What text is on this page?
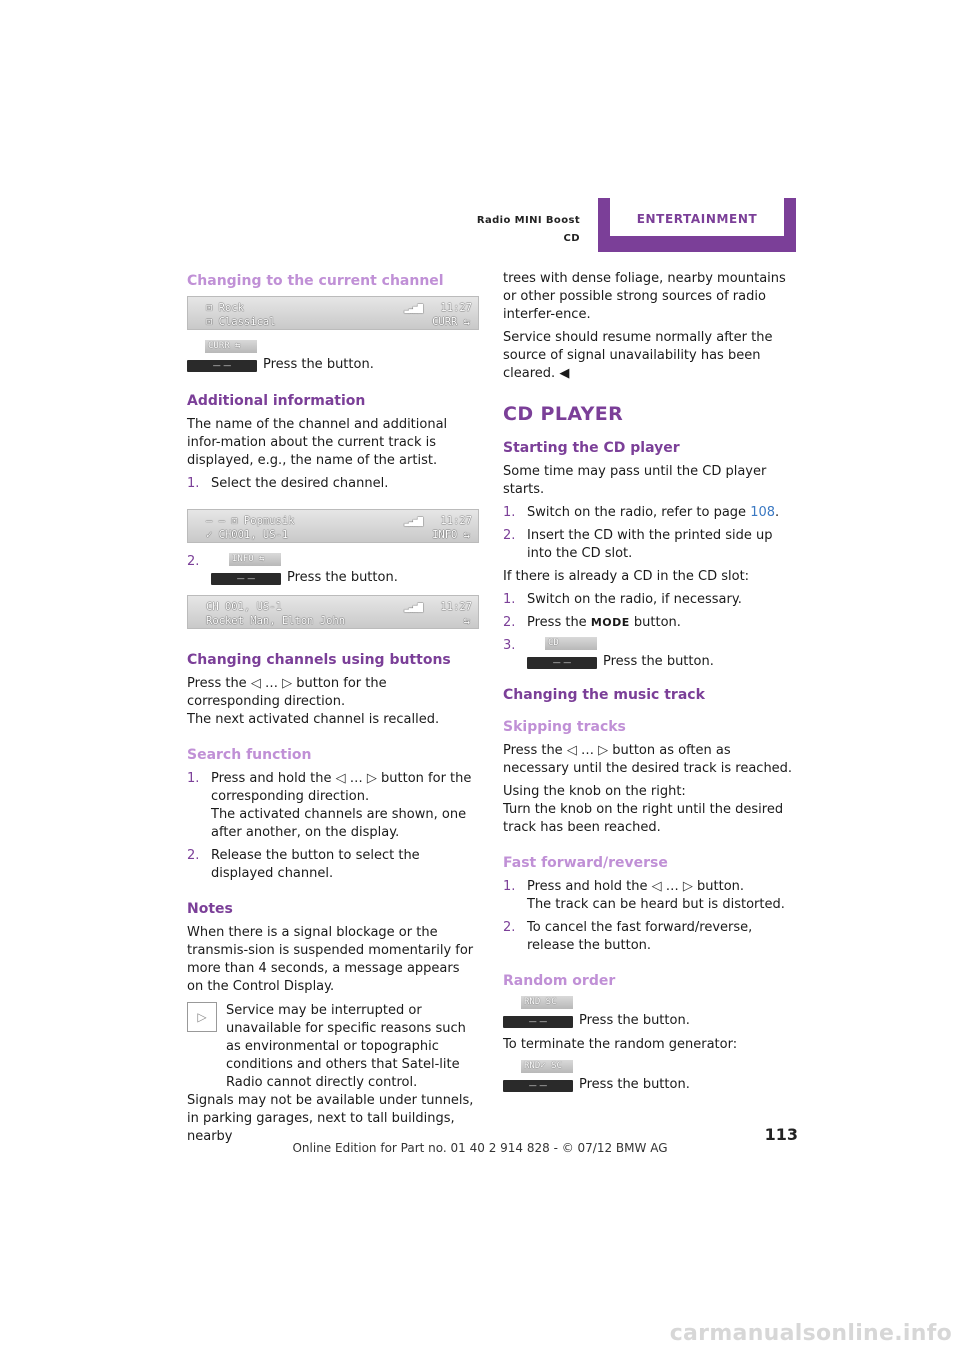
Radio MINI Boost CD
ENTERTAINMENT
Changing to the current channel
⊡ Rock
⊡ Classical
▂▃▅▇ 11:27
CURR ⇆
CURR ⇆
— —	Press the button.
Additional information

The name of the channel and additional infor-mation about the current track is displayed, e.g., the name of the artist.

1. Select the desired channel.
– – ⊡ Popmusik
✓ CH001, US-1
▂▃▅▇ 11:27
INFO ⇆
2.	INFO ⇆
— —	Press the button.
CH 001, US-1
Rocket Man, Elton John
▂▃▅▇ 11:27
⇆
Changing channels using buttons

Press the ◁ … ▷ button for the corresponding direction.
The next activated channel is recalled.

Search function
1. Press and hold the ◁ … ▷ button for the corresponding direction.
The activated channels are shown, one after another, on the display.
2. Release the button to select the displayed channel.
Notes

When there is a signal blockage or the transmis-sion is suspended momentarily for more than 4 seconds, a message appears on the Control Display.

▷	Service may be interrupted or unavailable for specific reasons such as environmental or topographic conditions and others that Satel-lite Radio cannot directly control.

Signals may not be available under tunnels, in parking garages, next to tall buildings, nearby

trees with dense foliage, nearby mountains or other possible strong sources of radio interfer-ence.

Service should resume normally after the source of signal unavailability has been cleared. ◀

CD PLAYER
Starting the CD player

Some time may pass until the CD player starts.

1. Switch on the radio, refer to page 108.
2. Insert the CD with the printed side up into the CD slot.

If there is already a CD in the CD slot:

1. Switch on the radio, if necessary.
2. Press the MODE button.
3.	CD
— —	Press the button.
Changing the music track
Skipping tracks

Press the ◁ … ▷ button as often as necessary until the desired track is reached.

Using the knob on the right:
Turn the knob on the right until the desired track has been reached.

Fast forward/reverse
1. Press and hold the ◁ … ▷ button.
The track can be heard but is distorted.
2. To cancel the fast forward/reverse, release the button.
Random order
RND SC
— —	Press the button.

To terminate the random generator:

RND✓ SC
— —	Press the button.
113
Online Edition for Part no. 01 40 2 914 828 - © 07/12 BMW AG
carmanualsonline.info
